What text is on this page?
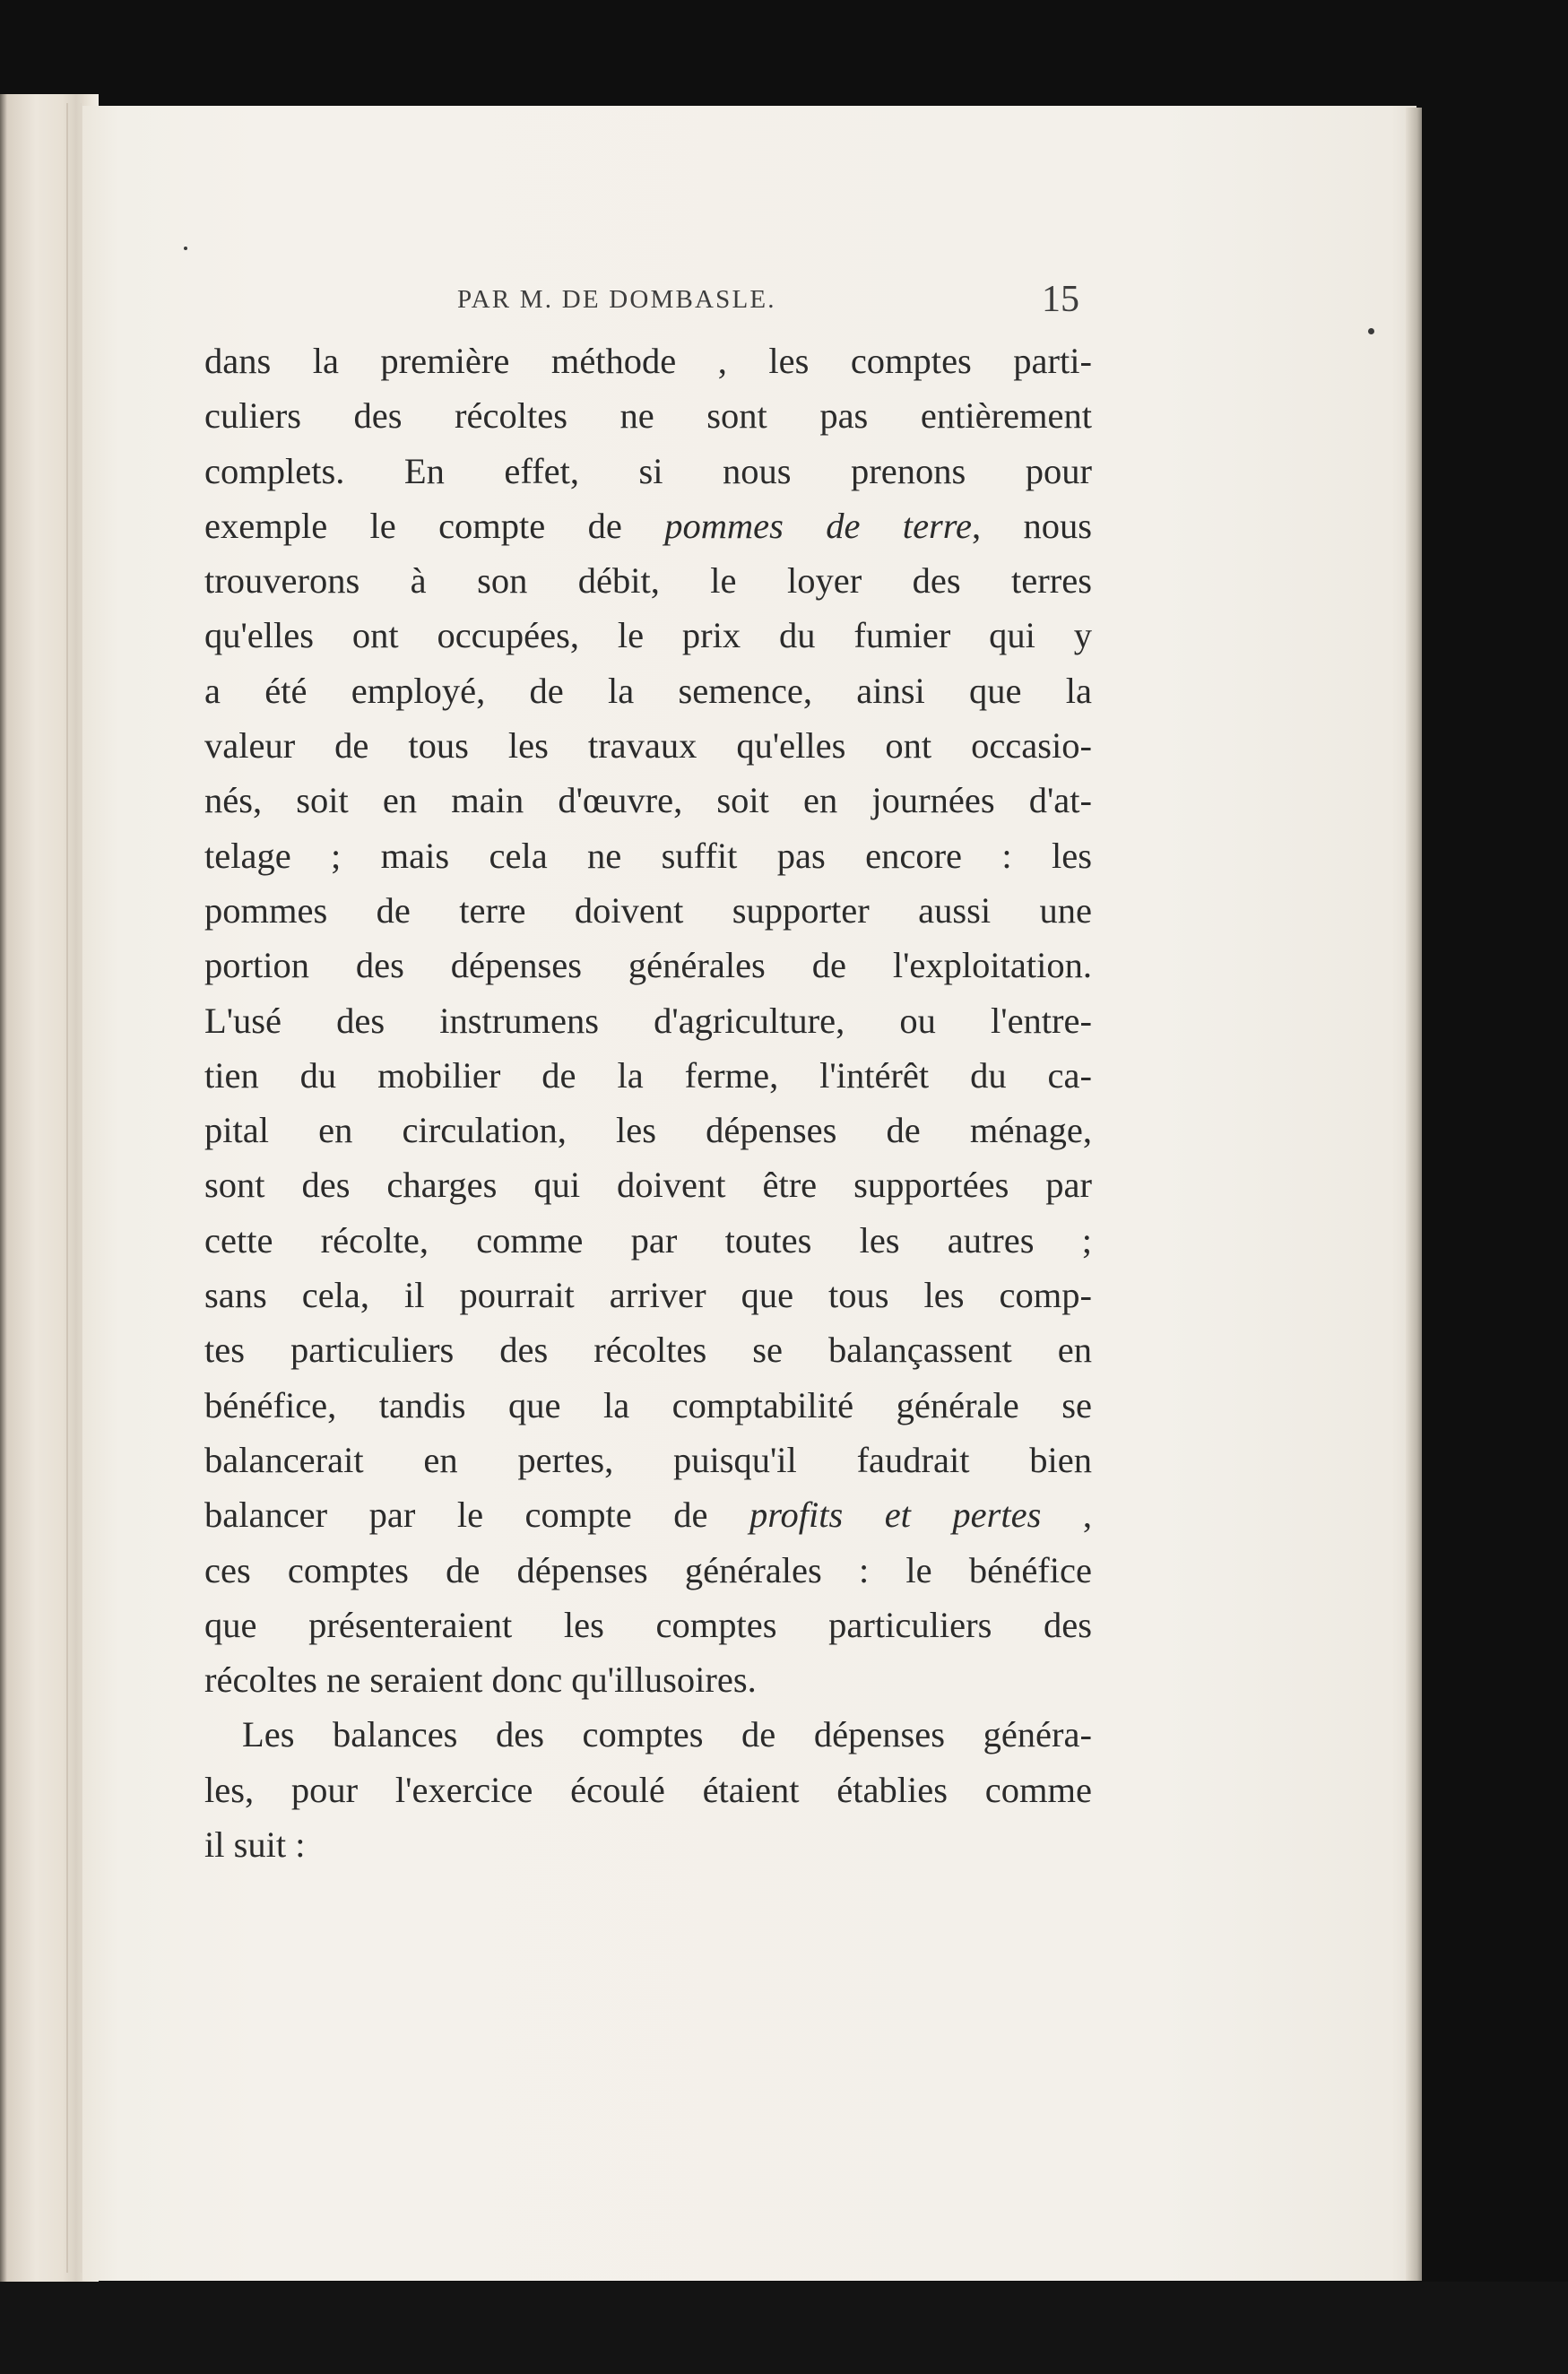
PAR M. DE DOMBASLE.	15
dans la première méthode , les comptes parti-
culiers des récoltes ne sont pas entièrement
complets. En effet, si nous prenons pour
exemple le compte de pommes de terre, nous
trouverons à son débit, le loyer des terres
qu'elles ont occupées, le prix du fumier qui y
a été employé, de la semence, ainsi que la
valeur de tous les travaux qu'elles ont occasio-
nés, soit en main d'œuvre, soit en journées d'at-
telage ; mais cela ne suffit pas encore : les
pommes de terre doivent supporter aussi une
portion des dépenses générales de l'exploitation.
L'usé des instrumens d'agriculture, ou l'entre-
tien du mobilier de la ferme, l'intérêt du ca-
pital en circulation, les dépenses de ménage,
sont des charges qui doivent être supportées par
cette récolte, comme par toutes les autres ;
sans cela, il pourrait arriver que tous les comp-
tes particuliers des récoltes se balançassent en
bénéfice, tandis que la comptabilité générale se
balancerait en pertes, puisqu'il faudrait bien
balancer par le compte de profits et pertes ,
ces comptes de dépenses générales : le bénéfice
que présenteraient les comptes particuliers des
récoltes ne seraient donc qu'illusoires.
Les balances des comptes de dépenses généra-
les, pour l'exercice écoulé étaient établies comme
il suit :
